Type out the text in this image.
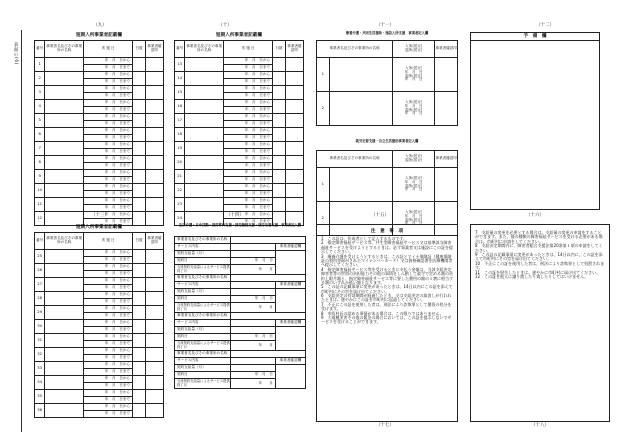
表面の(6)
（九）	（十）	（十一）	（十二）
短期入所事業者記載欄
番号	事業者名及びその事業所の名称	実 施 日	日数	事業者確認印
1		年　月　日から		
		年　月　日まで		
2		年　月　日から		
		年　月　日まで		
3		年　月　日から		
		年　月　日まで		
4		年　月　日から		
		年　月　日まで		
5		年　月　日から		
		年　月　日まで		
6		年　月　日から		
		年　月　日まで		
7		年　月　日から		
		年　月　日まで		
8		年　月　日から		
		年　月　日まで		
9		年　月　日から		
		年　月　日まで		
10		年　月　日から		
		年　月　日まで		
11		年　月　日から		
		年　月　日まで		
12		年　月　日から		
		年　月　日まで		
（十三）
短期入所事業者記載欄
番号	事業者名及びその事業所の名称	実 施 日	日数	事業者確認印
13		年　月　日から		
		年　月　日まで		
14		年　月　日から		
		年　月　日まで		
15		年　月　日から		
		年　月　日まで		
16		年　月　日から		
		年　月　日まで		
17		年　月　日から		
		年　月　日まで		
18		年　月　日から		
		年　月　日まで		
19		年　月　日から		
		年　月　日まで		
20		年　月　日から		
		年　月　日まで		
21		年　月　日から		
		年　月　日まで		
22		年　月　日から		
		年　月　日まで		
23		年　月　日から		
		年　月　日まで		
24		年　月　日から		
		年　月　日まで		
（十四）
療養介護・共同生活援助・施設入所支援　事業者記入欄
事業者名及びその事業所の名称		入所(居)日
退所(居)日	事業者確認印
1		入所(居)日
年　月　日
退所(居)日
年　月　日	
2		入所(居)日
年　月　日
退所(居)日
年　月　日	
就労定着支援・自立生活援助事業者記入欄
事業者名及びその事業所の名称		入所(居)日
退所(居)日	事業者確認印
1		入所(居)日
年　月　日
退所(居)日
年　月　日	
2		入所(居)日
年　月　日
退所(居)日
年　月　日	
（十五）
予　備　欄
（十六）
短期入所事業者記載欄
番号	事業者名及びその事業所の名称	実 施 日	日数	事業者確認印
25		年　月　日から		
		年　月　日まで		
26		年　月　日から		
		年　月　日まで		
27		年　月　日から		
		年　月　日まで		
28		年　月　日から		
		年　月　日まで		
29		年　月　日から		
		年　月　日まで		
30		年　月　日から		
		年　月　日まで		
31		年　月　日から		
		年　月　日まで		
32		年　月　日から		
		年　月　日まで		
33		年　月　日から		
		年　月　日まで		
34		年　月　日から		
		年　月　日まで		
35		年　月　日から		
		年　月　日まで		
36		年　月　日から		
		年　月　日まで		
生活介護・日中活動・就労移行支援・就労継続支援・就労定着支援　事業者記入欄
事業者名及びその事業所の名称		
サービス内容		事業者確認欄
契約支給量（月）		
契約日	年　月　日	
当該契約支給量によるサービス提供終了月	年　　月	
事業者名及びその事業所の名称		
サービス内容		事業者確認欄
契約支給量（月）		
契約日	年　月　日	
当該契約支給量によるサービス提供終了月	年　　月	
事業者名及びその事業所の名称		
サービス内容		事業者確認欄
契約支給量（月）		
契約日	年　月　日	
当該契約支給量によるサービス提供終了月	年　　月	
事業者名及びその事業所の名称		
サービス内容		事業者確認欄
契約支給量（月）		
契約日	年　月　日	
当該契約支給量によるサービス提供終了月	年　　月	
注　意　事　項

1　この証は、作成者として記入するものです。

2　指定障害福祉サービス等、共生型障害福祉サービス又は基準該当障害福祉サービスを受けようとするときは、必ず事業者又は施設にこの証を提示してください。

3　療養介護を受けようとするときは、この証とマイナ保険証（健康保険証の利用登録がされたマイナンバーカード）又は資格確認書を医療機関等へ提示してください。

4　指定障害福祉サービス等を受けるときに支払う金額は、当該支給決定障害者等の世帯の負担能力その他の事情をしん酌して政令で定める額の負担上限月額と、指定障害福祉サービス等に要した費用の額の１割に相当する額のいずれか低い額となります。

5　この証の記載事項に変更があったときは、14日以内にこの証を添えて市町村にその旨を届け出てください。

6　支給決定の有効期間が経過したとき、又は支給決定の取消しが行われたときは、速やかにこの証を市町村に返還してください。

7　不正にこの証を使用した者は、刑法により詐欺罪として懲役の処分を受けます。

8　市町村長の認める事情がある場合は、この限りではありません。

9　大規模災害その他の緊急の場合においては、この証を提示しないでサービスを受けることができます。

（十七）

7　支給量の変更を必要とする場合は、支給量の変更の申請をすることができます。また、他の種類の障害福祉サービスを受ける必要がある場合は、市町村に申請をしてください。

8　支給決定期間内に、障害者総合支援法第20条第１項の申請をしてください。

9　この証の記載事項に変更があったときは、14日以内に、この証を添えて市町村にその旨を届け出てください。

10　不正にこの証を使用した者は、刑法により詐欺罪として処罰されます。

11　この証を紛失したときは、速やかに市町村に届け出てください。

12　この証を他人に譲り渡したり貸したりしてはいけません。

（十八）
